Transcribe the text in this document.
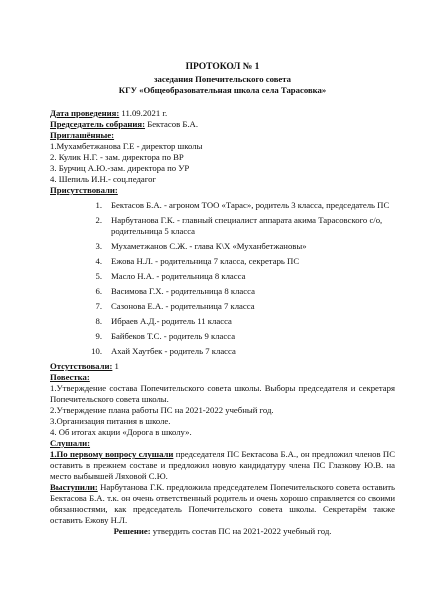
ПРОТОКОЛ № 1
заседания Попечительского совета
КГУ «Общеобразовательная школа села Тарасовка»
Дата проведения: 11.09.2021 г.
Председатель собрания: Бектасов Б.А.
Приглашённые:
1.Мухамбетжанова Г.Е - директор школы
2. Кулик Н.Г. - зам. директора по ВР
3. Бурчиц А.Ю.-зам. директора по УР
4. Шепиль И.Н.- соц.педагог
Присутствовали:
1. Бектасов Б.А. - агроном ТОО «Тарас», родитель 3 класса, председатель ПС
2. Нарбутанова Г.К. - главный специалист аппарата акима Тарасовского с/о, родительница 5 класса
3. Мухаметжанов С.Ж. - глава К\Х «Муханбетжановы»
4. Ежова Н.Л. - родительница 7 класса, секретарь ПС
5. Масло Н.А. - родительница 8 класса
6. Васимова Г.Х. - родительница 8 класса
7. Сазонова Е.А. - родительница 7 класса
8. Ибраев А.Д.- родитель 11 класса
9. Байбеков Т.С. - родитель 9 класса
10. Ахай Хаутбек - родитель 7 класса
Отсутствовали: 1
Повестка:
1.Утверждение состава Попечительского совета школы. Выборы председателя и секретаря Попечительского совета школы.
2.Утверждение плана работы ПС на 2021-2022 учебный год.
3.Организация питания в школе.
4. Об итогах акции «Дорога в школу».
Слушали:
1.По первому вопросу слушали председателя ПС Бектасова Б.А., он предложил членов ПС оставить в прежнем составе и предложил новую кандидатуру члена ПС Глазкову Ю.В. на место выбывшей Ляховой С.Ю.
Выступили: Нарбутанова Г.К. предложила председателем Попечительского совета оставить Бектасова Б.А. т.к. он очень ответственный родитель и очень хорошо справляется со своими обязанностями, как председатель Попечительского совета школы. Секретарём также оставить Ежову Н.Л.
Решение: утвердить состав ПС на 2021-2022 учебный год.
